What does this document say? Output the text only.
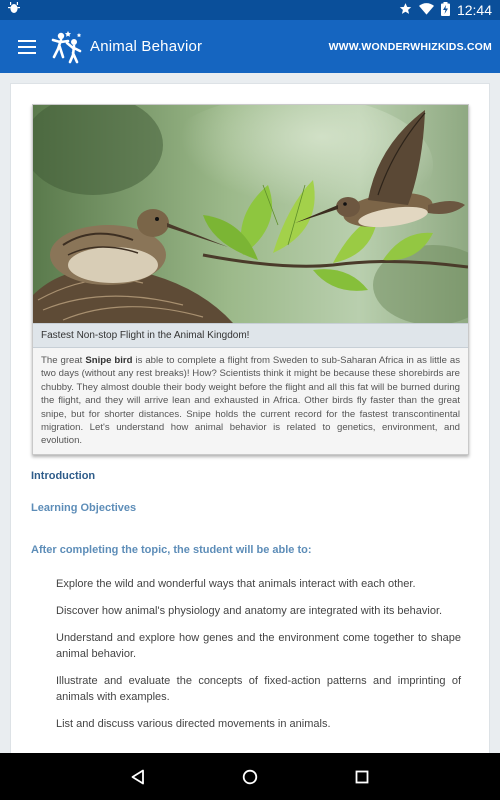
12:44
Animal Behavior	WWW.WONDERWHIZKIDS.COM
Fastest Non-stop Flight in the Animal Kingdom!
The great Snipe bird is able to complete a flight from Sweden to sub-Saharan Africa in as little as two days (without any rest breaks)! How? Scientists think it might be because these shorebirds are chubby. They almost double their body weight before the flight and all this fat will be burned during the flight, and they will arrive lean and exhausted in Africa. Other birds fly faster than the great snipe, but for shorter distances. Snipe holds the current record for the fastest transcontinental migration. Let's understand how animal behavior is related to genetics, environment, and evolution.
Introduction
Learning Objectives
After completing the topic, the student will be able to:
Explore the wild and wonderful ways that animals interact with each other.
Discover how animal's physiology and anatomy are integrated with its behavior.
Understand and explore how genes and the environment come together to shape animal behavior.
Illustrate and evaluate the concepts of fixed-action patterns and imprinting of animals with examples.
List and discuss various directed movements in animals.
